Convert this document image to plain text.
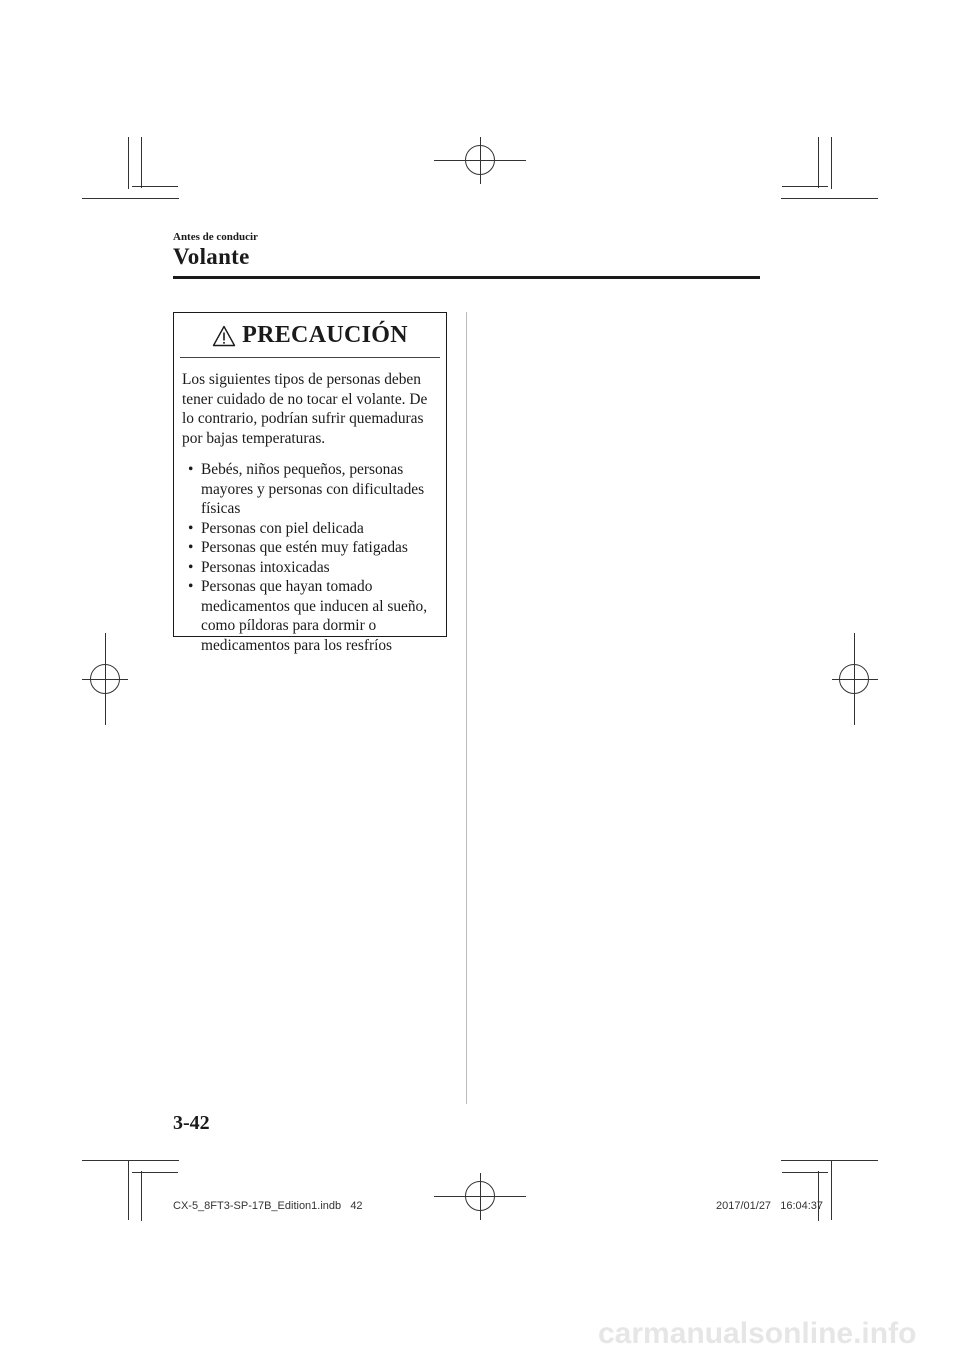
Antes de conducir
Volante
PRECAUCIÓN

Los siguientes tipos de personas deben tener cuidado de no tocar el volante. De lo contrario, podrían sufrir quemaduras por bajas temperaturas.

• Bebés, niños pequeños, personas mayores y personas con dificultades físicas
• Personas con piel delicada
• Personas que estén muy fatigadas
• Personas intoxicadas
• Personas que hayan tomado medicamentos que inducen al sueño, como píldoras para dormir o medicamentos para los resfríos
3-42
CX-5_8FT3-SP-17B_Edition1.indb   42	2017/01/27   16:04:37
carmanualsonline.info
